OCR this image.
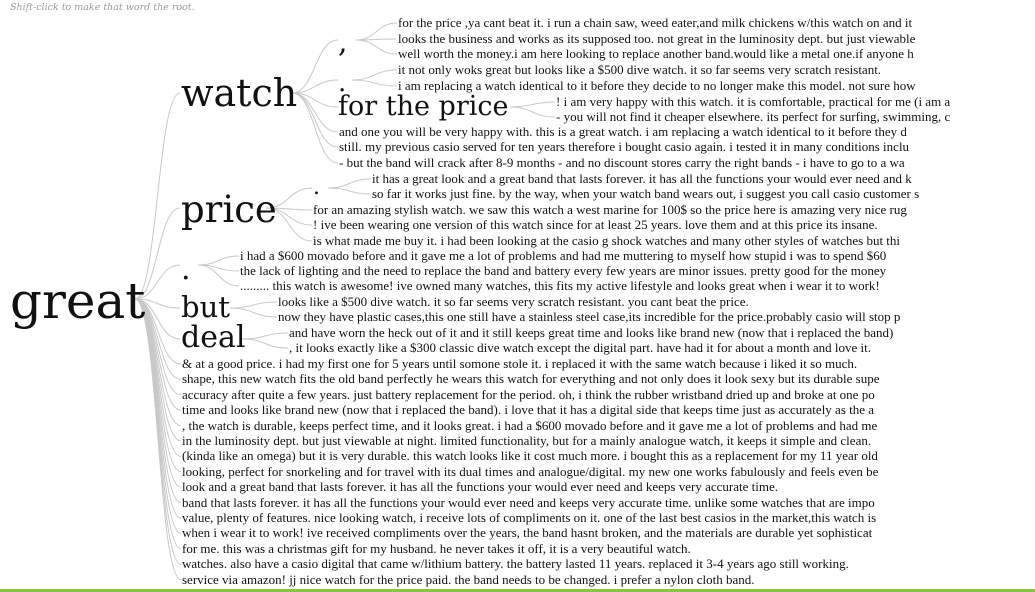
Shift-click to make that word the root.
great
watch
price
.
but
deal
,
.
for the price
.
for the price ,ya cant beat it. i run a chain saw, weed eater,and milk chickens w/this watch on and it
looks the business and works as its supposed too. not great in the luminosity dept. but just viewable
well worth the money.i am here looking to replace another band.would like a metal one.if anyone h
it not only woks great but looks like a $500 dive watch. it so far seems very scratch resistant.
i am replacing a watch identical to it before they decide to no longer make this model. not sure how
! i am very happy with this watch. it is comfortable, practical for me (i am a
- you will not find it cheaper elsewhere. its perfect for surfing, swimming, c
and one you will be very happy with. this is a great watch. i am replacing a watch identical to it before they d
still. my previous casio served for ten years therefore i bought casio again. i tested it in many conditions inclu
- but the band will crack after 8-9 months - and no discount stores carry the right bands - i have to go to a wa
it has a great look and a great band that lasts forever. it has all the functions your would ever need and k
so far it works just fine. by the way, when your watch band wears out, i suggest you call casio customer s
for an amazing stylish watch. we saw this watch a west marine for 100$ so the price here is amazing very nice rug
! ive been wearing one version of this watch since for at least 25 years. love them and at this price its insane.
is what made me buy it. i had been looking at the casio g shock watches and many other styles of watches but thi
i had a $600 movado before and it gave me a lot of problems and had me muttering to myself how stupid i was to spend $60
the lack of lighting and the need to replace the band and battery every few years are minor issues. pretty good for the money
......... this watch is awesome! ive owned many watches, this fits my active lifestyle and looks great when i wear it to work!
looks like a $500 dive watch. it so far seems very scratch resistant. you cant beat the price.
now they have plastic cases,this one still have a stainless steel case,its incredible for the price.probably casio will stop p
and have worn the heck out of it and it still keeps great time and looks like brand new (now that i replaced the band)
, it looks exactly like a $300 classic dive watch except the digital part. have had it for about a month and love it.
& at a good price. i had my first one for 5 years until somone stole it. i replaced it with the same watch because i liked it so much.
shape, this new watch fits the old band perfectly he wears this watch for everything and not only does it look sexy but its durable supe
accuracy after quite a few years. just battery replacement for the period. oh, i think the rubber wristband dried up and broke at one po
time and looks like brand new (now that i replaced the band). i love that it has a digital side that keeps time just as accurately as the a
, the watch is durable, keeps perfect time, and it looks great. i had a $600 movado before and it gave me a lot of problems and had me
in the luminosity dept. but just viewable at night. limited functionality, but for a mainly analogue watch, it keeps it simple and clean.
(kinda like an omega) but it is very durable. this watch looks like it cost much more. i bought this as a replacement for my 11 year old
looking, perfect for snorkeling and for travel with its dual times and analogue/digital. my new one works fabulously and feels even be
look and a great band that lasts forever. it has all the functions your would ever need and keeps very accurate time.
band that lasts forever. it has all the functions your would ever need and keeps very accurate time. unlike some watches that are impo
value, plenty of features. nice looking watch, i receive lots of compliments on it. one of the last best casios in the market,this watch is
when i wear it to work! ive received compliments over the years, the band hasnt broken, and the materials are durable yet sophisticat
for me. this was a christmas gift for my husband. he never takes it off, it is a very beautiful watch.
watches. also have a casio digital that came w/lithium battery. the battery lasted 11 years. replaced it 3-4 years ago still working.
service via amazon! jj nice watch for the price paid. the band needs to be changed. i prefer a nylon cloth band.
